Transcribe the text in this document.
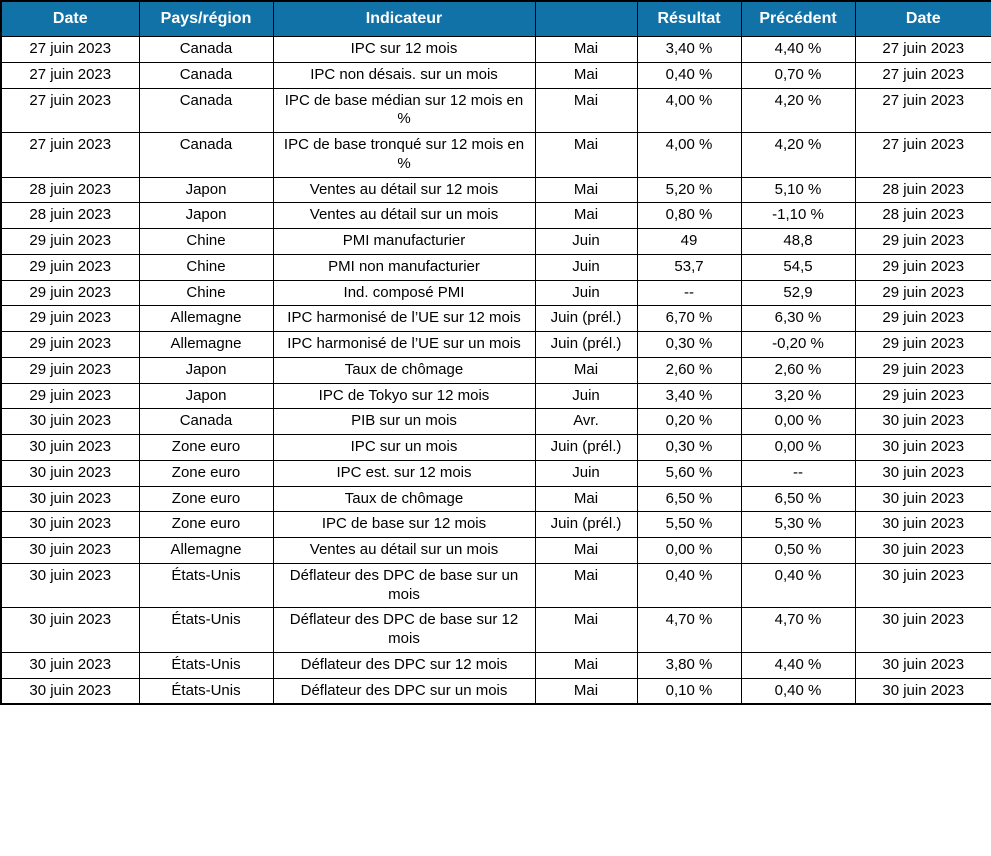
Date	Pays/région	Indicateur		Résultat	Précédent	Date
27 juin 2023	Canada	IPC sur 12 mois	Mai	3,40 %	4,40 %	27 juin 2023
27 juin 2023	Canada	IPC non désais. sur un mois	Mai	0,40 %	0,70 %	27 juin 2023
27 juin 2023	Canada	IPC de base médian sur 12 mois en %	Mai	4,00 %	4,20 %	27 juin 2023
27 juin 2023	Canada	IPC de base tronqué sur 12 mois en %	Mai	4,00 %	4,20 %	27 juin 2023
28 juin 2023	Japon	Ventes au détail sur 12 mois	Mai	5,20 %	5,10 %	28 juin 2023
28 juin 2023	Japon	Ventes au détail sur un mois	Mai	0,80 %	-1,10 %	28 juin 2023
29 juin 2023	Chine	PMI manufacturier	Juin	49	48,8	29 juin 2023
29 juin 2023	Chine	PMI non manufacturier	Juin	53,7	54,5	29 juin 2023
29 juin 2023	Chine	Ind. composé PMI	Juin	--	52,9	29 juin 2023
29 juin 2023	Allemagne	IPC harmonisé de l’UE sur 12 mois	Juin (prél.)	6,70 %	6,30 %	29 juin 2023
29 juin 2023	Allemagne	IPC harmonisé de l’UE sur un mois	Juin (prél.)	0,30 %	-0,20 %	29 juin 2023
29 juin 2023	Japon	Taux de chômage	Mai	2,60 %	2,60 %	29 juin 2023
29 juin 2023	Japon	IPC de Tokyo sur 12 mois	Juin	3,40 %	3,20 %	29 juin 2023
30 juin 2023	Canada	PIB sur un mois	Avr.	0,20 %	0,00 %	30 juin 2023
30 juin 2023	Zone euro	IPC sur un mois	Juin (prél.)	0,30 %	0,00 %	30 juin 2023
30 juin 2023	Zone euro	IPC est. sur 12 mois	Juin	5,60 %	--	30 juin 2023
30 juin 2023	Zone euro	Taux de chômage	Mai	6,50 %	6,50 %	30 juin 2023
30 juin 2023	Zone euro	IPC de base sur 12 mois	Juin (prél.)	5,50 %	5,30 %	30 juin 2023
30 juin 2023	Allemagne	Ventes au détail sur un mois	Mai	0,00 %	0,50 %	30 juin 2023
30 juin 2023	États-Unis	Déflateur des DPC de base sur un mois	Mai	0,40 %	0,40 %	30 juin 2023
30 juin 2023	États-Unis	Déflateur des DPC de base sur 12 mois	Mai	4,70 %	4,70 %	30 juin 2023
30 juin 2023	États-Unis	Déflateur des DPC sur 12 mois	Mai	3,80 %	4,40 %	30 juin 2023
30 juin 2023	États-Unis	Déflateur des DPC sur un mois	Mai	0,10 %	0,40 %	30 juin 2023
